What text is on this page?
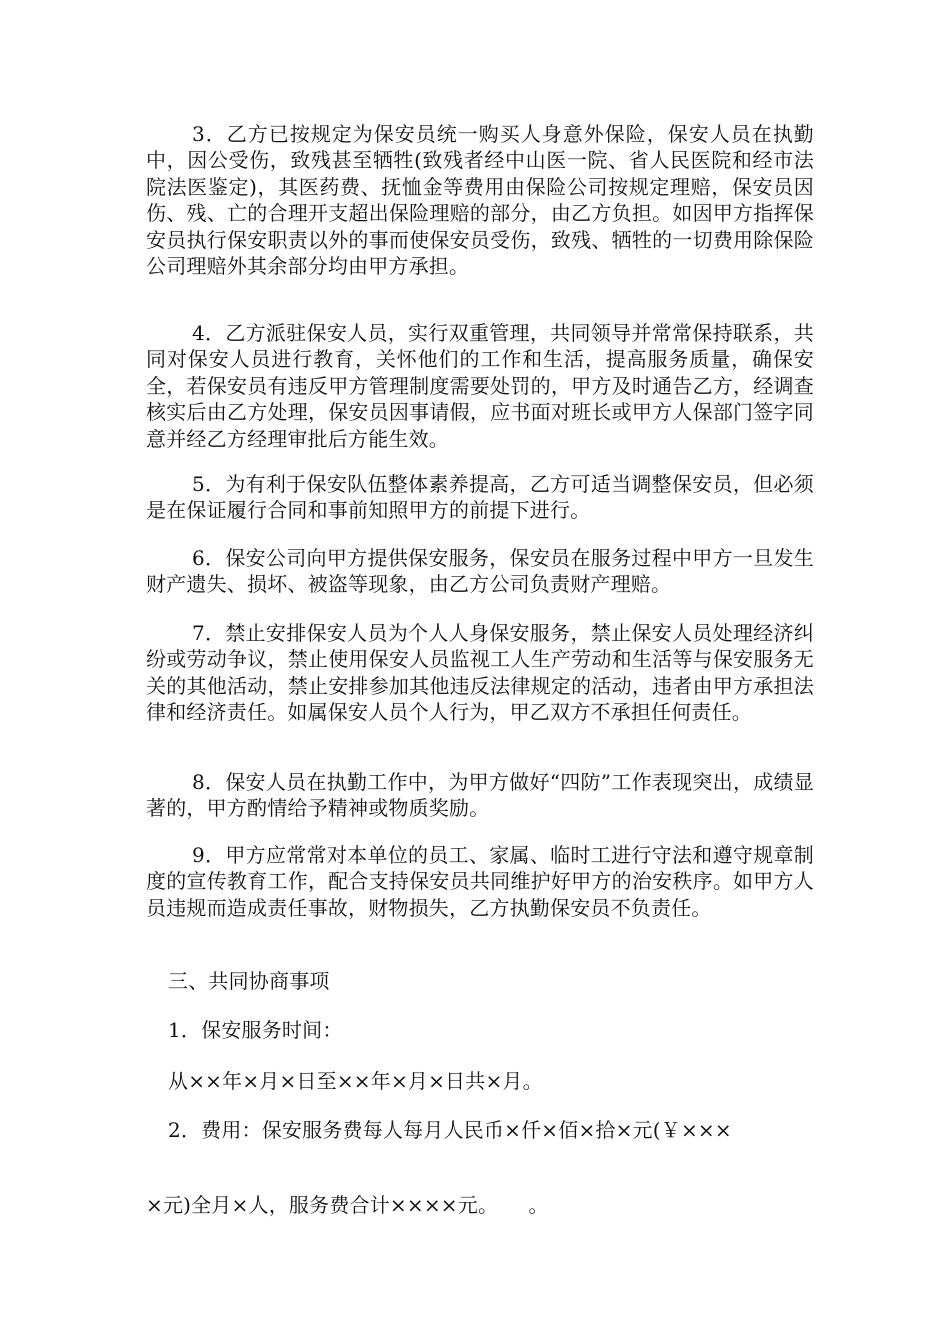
3．乙方已按规定为保安员统一购买人身意外保险，保安人员在执勤中，因公受伤，致残甚至牺牲(致残者经中山医一院、省人民医院和经市法院法医鉴定)，其医药费、抚恤金等费用由保险公司按规定理赔，保安员因伤、残、亡的合理开支超出保险理赔的部分，由乙方负担。如因甲方指挥保安员执行保安职责以外的事而使保安员受伤，致残、牺牲的一切费用除保险公司理赔外其余部分均由甲方承担。

4．乙方派驻保安人员，实行双重管理，共同领导并常常保持联系，共同对保安人员进行教育，关怀他们的工作和生活，提高服务质量，确保安全，若保安员有违反甲方管理制度需要处罚的，甲方及时通告乙方，经调查核实后由乙方处理，保安员因事请假，应书面对班长或甲方人保部门签字同意并经乙方经理审批后方能生效。

5．为有利于保安队伍整体素养提高，乙方可适当调整保安员，但必须是在保证履行合同和事前知照甲方的前提下进行。

6．保安公司向甲方提供保安服务，保安员在服务过程中甲方一旦发生财产遗失、损坏、被盗等现象，由乙方公司负责财产理赔。

7．禁止安排保安人员为个人人身保安服务，禁止保安人员处理经济纠纷或劳动争议，禁止使用保安人员监视工人生产劳动和生活等与保安服务无关的其他活动，禁止安排参加其他违反法律规定的活动，违者由甲方承担法律和经济责任。如属保安人员个人行为，甲乙双方不承担任何责任。

8．保安人员在执勤工作中，为甲方做好“四防”工作表现突出，成绩显著的，甲方酌情给予精神或物质奖励。

9．甲方应常常对本单位的员工、家属、临时工进行守法和遵守规章制度的宣传教育工作，配合支持保安员共同维护好甲方的治安秩序。如甲方人员违规而造成责任事故，财物损失，乙方执勤保安员不负责任。

三、共同协商事项

1．保安服务时间：

从××年×月×日至××年×月×日共×月。

2．费用：保安服务费每人每月人民币×仟×佰×拾×元(￥×××

×元)全月×人，服务费合计××××元。　　。
